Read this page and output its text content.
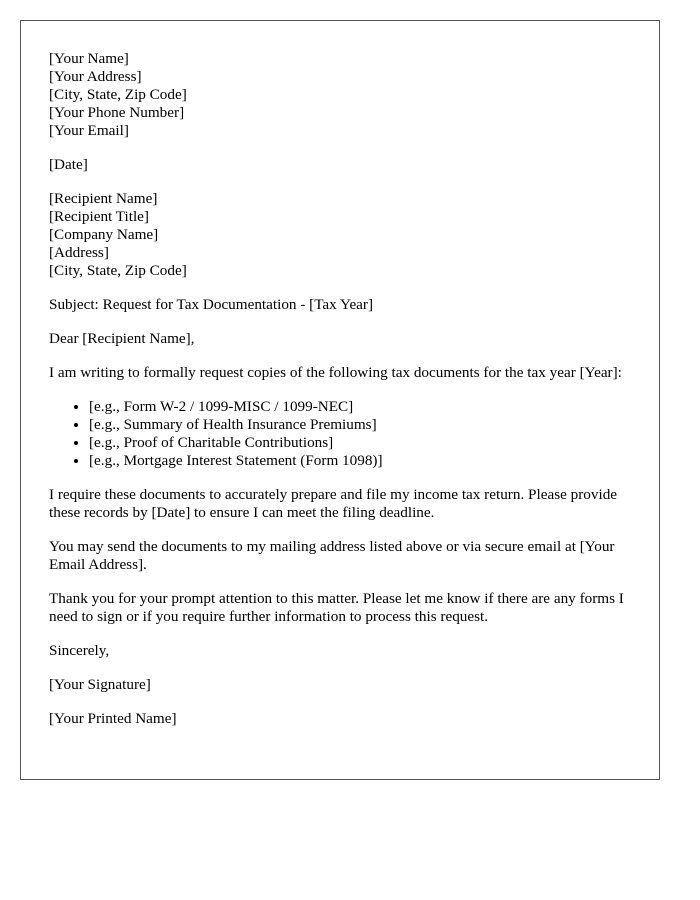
[Your Name]
[Your Address]
[City, State, Zip Code]
[Your Phone Number]
[Your Email]
[Date]
[Recipient Name]
[Recipient Title]
[Company Name]
[Address]
[City, State, Zip Code]

Subject: Request for Tax Documentation - [Tax Year]

Dear [Recipient Name],

I am writing to formally request copies of the following tax documents for the tax year [Year]:

• [e.g., Form W-2 / 1099-MISC / 1099-NEC]
• [e.g., Summary of Health Insurance Premiums]
• [e.g., Proof of Charitable Contributions]
• [e.g., Mortgage Interest Statement (Form 1098)]

I require these documents to accurately prepare and file my income tax return. Please provide these records by [Date] to ensure I can meet the filing deadline.

You may send the documents to my mailing address listed above or via secure email at [Your Email Address].

Thank you for your prompt attention to this matter. Please let me know if there are any forms I need to sign or if you require further information to process this request.

Sincerely,

[Your Signature]

[Your Printed Name]
